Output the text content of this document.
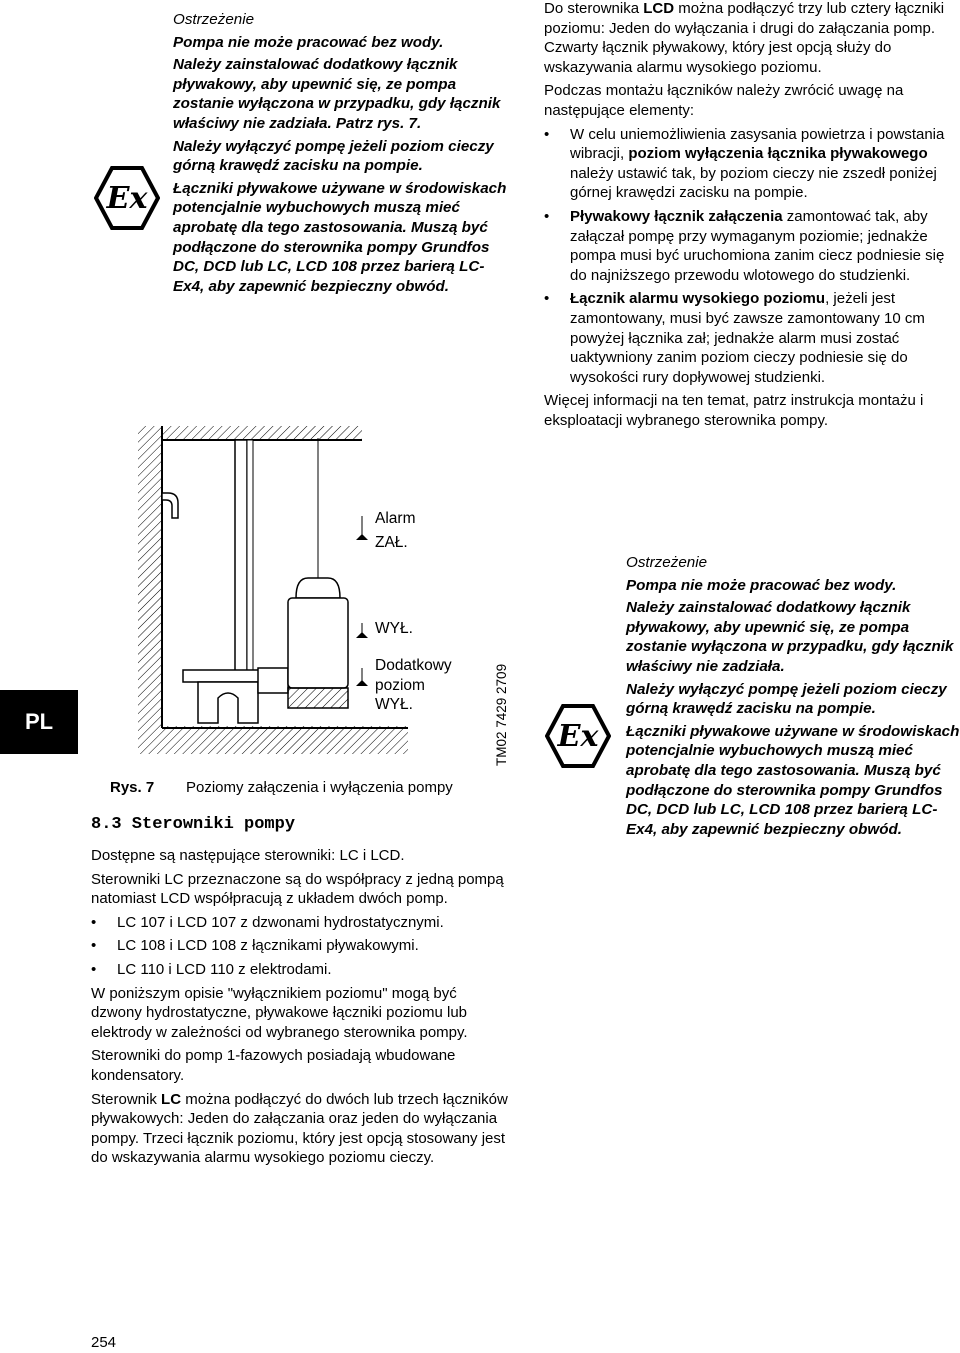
PL
Ex

Ostrzeżenie

Pompa nie może pracować bez wody.

Należy zainstalować dodatkowy łącznik pływakowy, aby upewnić się, ze pompa zostanie wyłączona w przypadku, gdy łącznik właściwy nie zadziała. Patrz rys. 7.

Należy wyłączyć pompę jeżeli poziom cieczy górną krawędź zacisku na pompie.

Łączniki pływakowe używane w środowiskach potencjalnie wybuchowych muszą mieć aprobatę dla tego zastosowania. Muszą być podłączone do sterownika pompy Grundfos DC, DCD lub LC, LCD 108 przez barierą LC-Ex4, aby zapewnić bezpieczny obwód.

Alarm
ZAŁ.
WYŁ.
Dodatkowy
poziom
WYŁ.	TM02 7429 2709
Rys. 7 Poziomy załączenia i wyłączenia pompy
8.3 Sterowniki pompy

Dostępne są następujące sterowniki: LC i LCD.

Sterowniki LC przeznaczone są do współpracy z jedną pompą natomiast LCD współpracują z układem dwóch pomp.

• LC 107 i LCD 107 z dzwonami hydrostatycznymi.
• LC 108 i LCD 108 z łącznikami pływakowymi.
• LC 110 i LCD 110 z elektrodami.

W poniższym opisie "wyłącznikiem poziomu" mogą być dzwony hydrostatyczne, pływakowe łączniki poziomu lub elektrody w zależności od wybranego sterownika pompy.

Sterowniki do pomp 1-fazowych posiadają wbudowane kondensatory.

Sterownik LC można podłączyć do dwóch lub trzech łączników pływakowych: Jeden do załączania oraz jeden do wyłączania pompy. Trzeci łącznik poziomu, który jest opcją stosowany jest do wskazywania alarmu wysokiego poziomu cieczy.

Do sterownika LCD można podłączyć trzy lub cztery łączniki poziomu: Jeden do wyłączania i drugi do załączania pomp. Czwarty łącznik pływakowy, który jest opcją służy do wskazywania alarmu wysokiego poziomu.

Podczas montażu łączników należy zwrócić uwagę na następujące elementy:

• W celu uniemożliwienia zasysania powietrza i powstania wibracji, poziom wyłączenia łącznika pływakowego należy ustawić tak, by poziom cieczy nie zszedł poniżej górnej krawędzi zacisku na pompie.
• Pływakowy łącznik załączenia zamontować tak, aby załączał pompę przy wymaganym poziomie; jednakże pompa musi być uruchomiona zanim ciecz podniesie się do najniższego przewodu wlotowego do studzienki.
• Łącznik alarmu wysokiego poziomu, jeżeli jest zamontowany, musi być zawsze zamontowany 10 cm powyżej łącznika zał; jednakże alarm musi zostać uaktywniony zanim poziom cieczy podniesie się do wysokości rury dopływowej studzienki.

Więcej informacji na ten temat, patrz instrukcja montażu i eksploatacji wybranego sterownika pompy.

Ex

Ostrzeżenie

Pompa nie może pracować bez wody.

Należy zainstalować dodatkowy łącznik pływakowy, aby upewnić się, ze pompa zostanie wyłączona w przypadku, gdy łącznik właściwy nie zadziała.

Należy wyłączyć pompę jeżeli poziom cieczy górną krawędź zacisku na pompie.

Łączniki pływakowe używane w środowiskach potencjalnie wybuchowych muszą mieć aprobatę dla tego zastosowania. Muszą być podłączone do sterownika pompy Grundfos DC, DCD lub LC, LCD 108 przez barierą LC-Ex4, aby zapewnić bezpieczny obwód.

254
